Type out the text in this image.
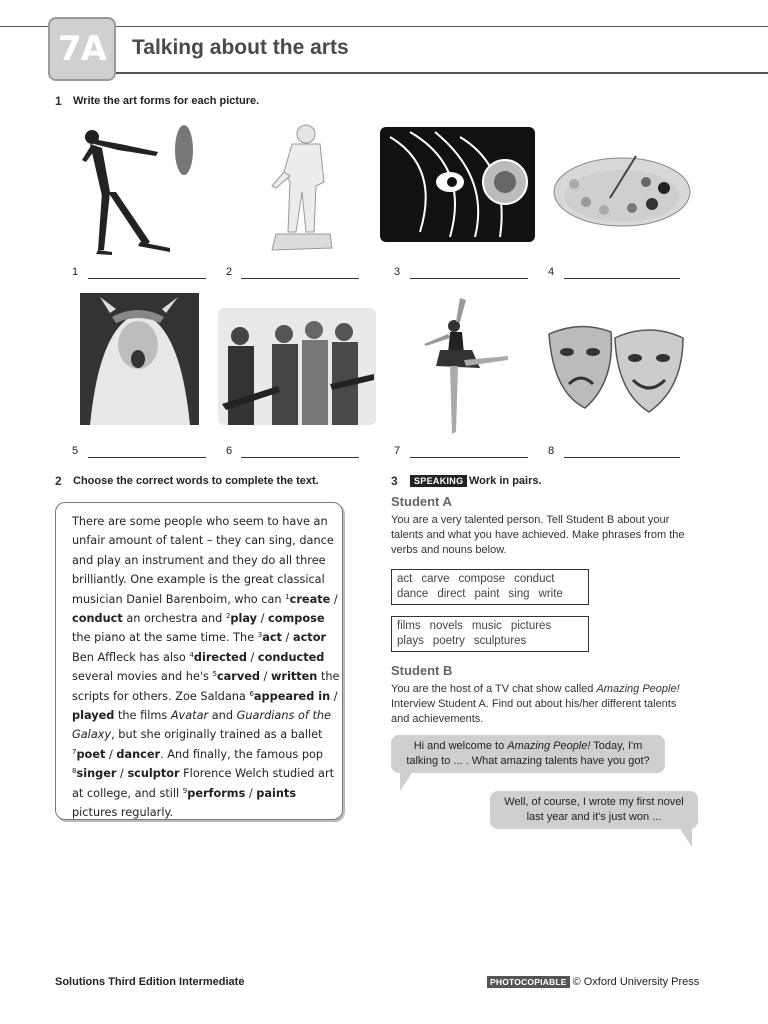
7A	Talking about the arts
1 Write the art forms for each picture.
1	2	3	4
5	6	7	8
2 Choose the correct words to complete the text.
There are some people who seem to have an unfair amount of talent – they can sing, dance and play an instrument and they do all three brilliantly. One example is the great classical musician Daniel Barenboim, who can $^1$create / conduct an orchestra and $^2$play / compose the piano at the same time. The $^3$act / actor Ben Affleck has also $^4$directed / conducted several movies and he's $^5$carved / written the scripts for others. Zoe Saldana $^6$appeared in / played the films Avatar and Guardians of the Galaxy, but she originally trained as a ballet $^7$poet / dancer. And finally, the famous pop $^8$singer / sculptor Florence Welch studied art at college, and still $^9$performs / paints pictures regularly.
3	SPEAKING Work in pairs.
Student A
You are a very talented person. Tell Student B about your talents and what you have achieved. Make phrases from the verbs and nouns below.
act carve compose conduct
dance direct paint sing write
films novels music pictures
plays poetry sculptures
Student B
You are the host of a TV chat show called Amazing People! Interview Student A. Find out about his/her different talents and achievements.
Hi and welcome to Amazing People! Today, I'm talking to ... . What amazing talents have you got?
Well, of course, I wrote my first novel last year and it's just won ...
Solutions Third Edition Intermediate	PHOTOCOPIABLE © Oxford University Press
